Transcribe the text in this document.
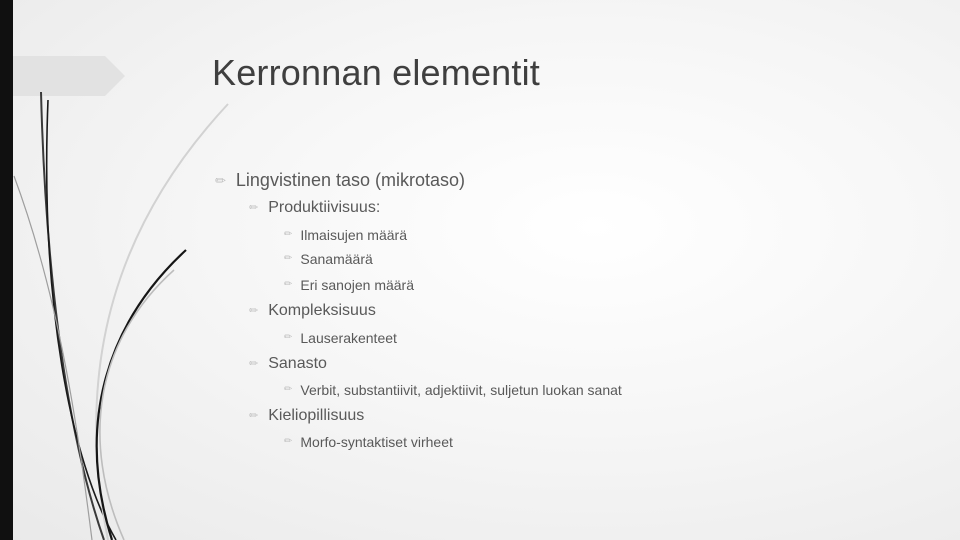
Kerronnan elementit
✏ Lingvistinen taso (mikrotaso)
✏ Produktiivisuus:
✏ Ilmaisujen määrä
✏ Sanamäärä
✏ Eri sanojen määrä
✏ Kompleksisuus
✏ Lauserakenteet
✏ Sanasto
✏ Verbit, substantiivit, adjektiivit, suljetun luokan sanat
✏ Kieliopillisuus
✏ Morfo-syntaktiset virheet
